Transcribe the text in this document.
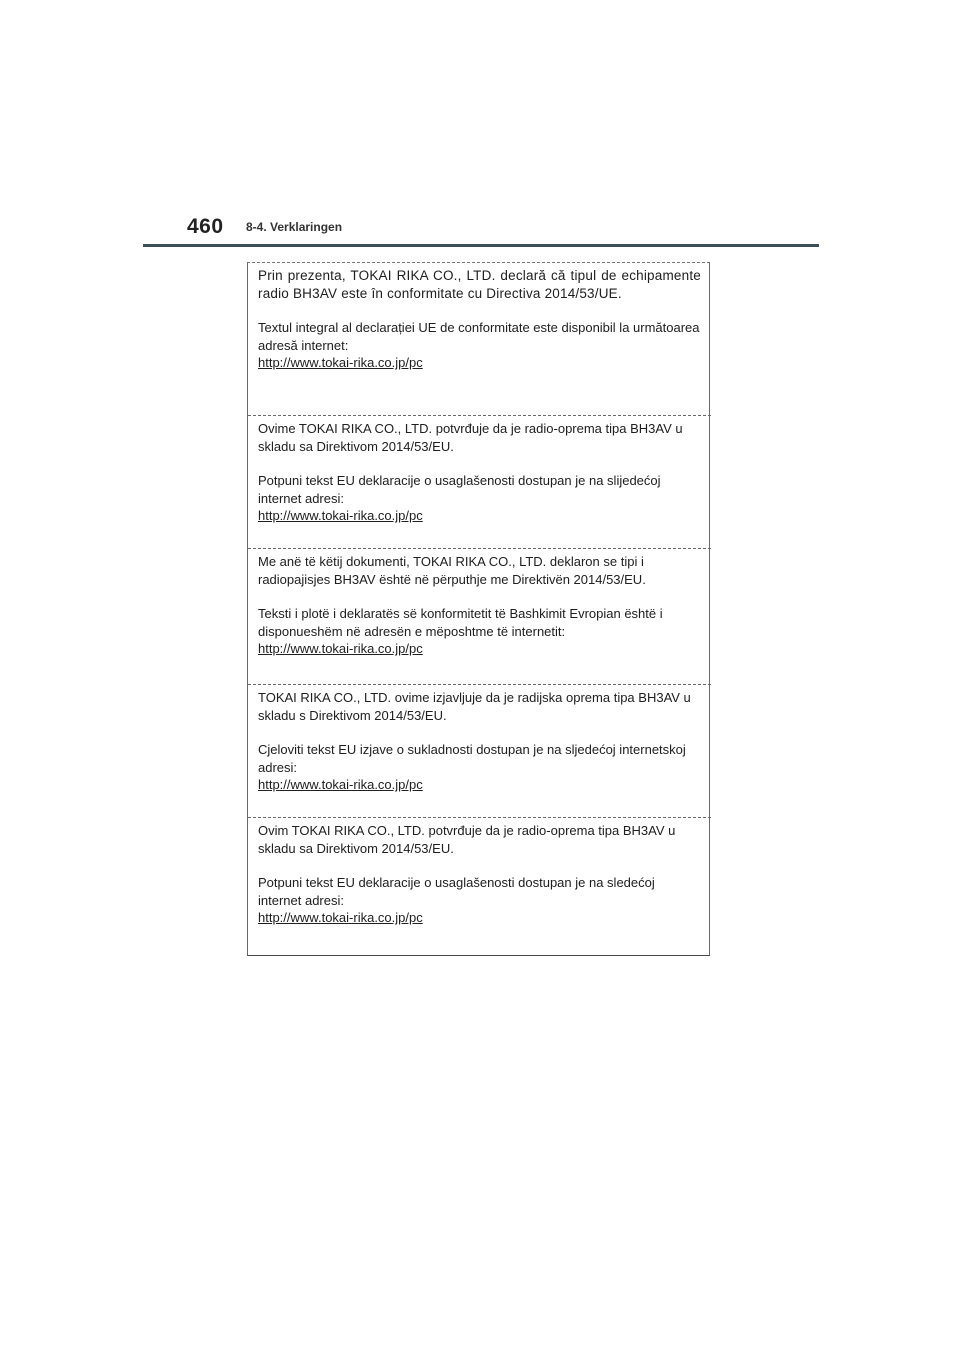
460 8-4. Verklaringen

Prin prezenta, TOKAI RIKA CO., LTD. declară că tipul de echipamente radio BH3AV este în conformitate cu Directiva 2014/53/UE.

Textul integral al declarației UE de conformitate este disponibil la următoarea adresă internet:

http://www.tokai-rika.co.jp/pc

Ovime TOKAI RIKA CO., LTD. potvrđuje da je radio-oprema tipa BH3AV u skladu sa Direktivom 2014/53/EU.

Potpuni tekst EU deklaracije o usaglašenosti dostupan je na slijedećoj internet adresi:

http://www.tokai-rika.co.jp/pc

Me anë të këtij dokumenti, TOKAI RIKA CO., LTD. deklaron se tipi i radiopajisjes BH3AV është në përputhje me Direktivën 2014/53/EU.

Teksti i plotë i deklaratës së konformitetit të Bashkimit Evropian është i disponueshëm në adresën e mëposhtme të internetit:

http://www.tokai-rika.co.jp/pc

TOKAI RIKA CO., LTD. ovime izjavljuje da je radijska oprema tipa BH3AV u skladu s Direktivom 2014/53/EU.

Cjeloviti tekst EU izjave o sukladnosti dostupan je na sljedećoj internetskoj adresi:

http://www.tokai-rika.co.jp/pc

Ovim TOKAI RIKA CO., LTD. potvrđuje da je radio-oprema tipa BH3AV u skladu sa Direktivom 2014/53/EU.

Potpuni tekst EU deklaracije o usaglašenosti dostupan je na sledećoj internet adresi:

http://www.tokai-rika.co.jp/pc
